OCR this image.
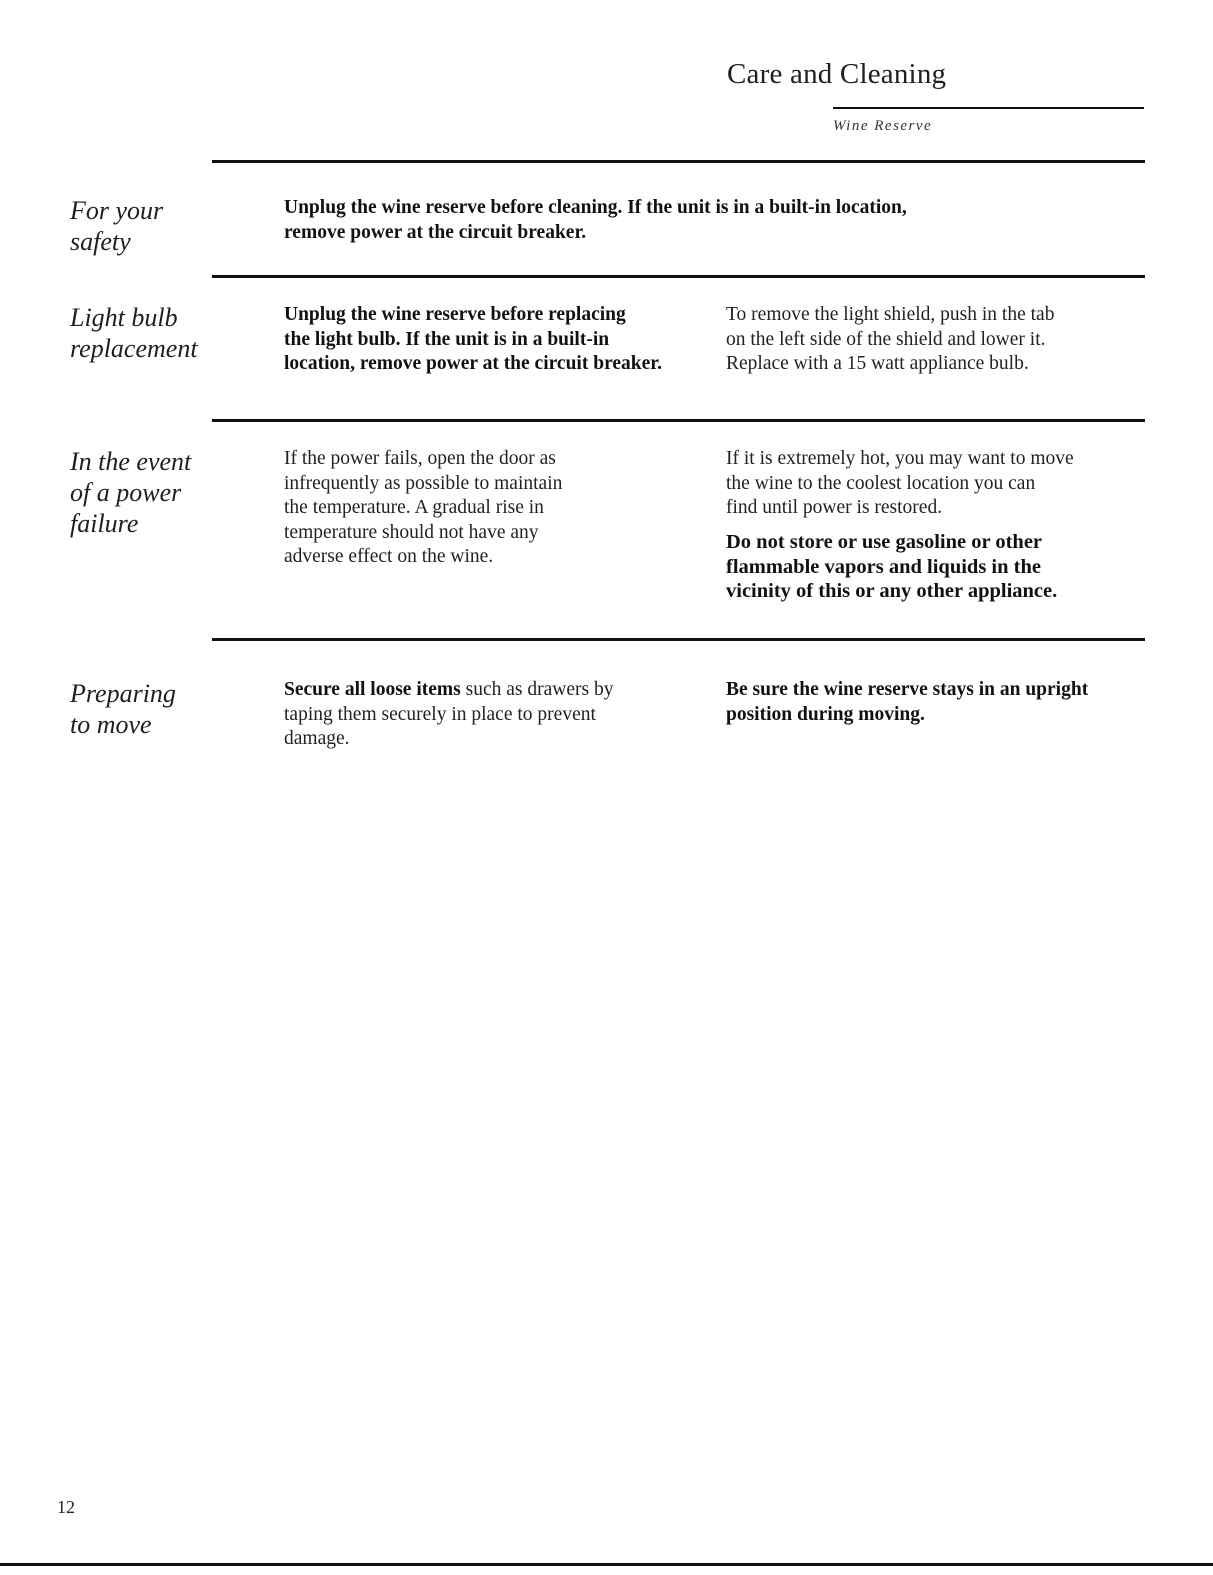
Care and Cleaning
Wine Reserve
For your
safety
Unplug the wine reserve before cleaning. If the unit is in a built-in location,
remove power at the circuit breaker.
Light bulb
replacement
Unplug the wine reserve before replacing
the light bulb. If the unit is in a built-in
location, remove power at the circuit breaker.
To remove the light shield, push in the tab
on the left side of the shield and lower it.
Replace with a 15 watt appliance bulb.
In the event
of a power
failure
If the power fails, open the door as
infrequently as possible to maintain
the temperature. A gradual rise in
temperature should not have any
adverse effect on the wine.
If it is extremely hot, you may want to move
the wine to the coolest location you can
find until power is restored.
Do not store or use gasoline or other
flammable vapors and liquids in the
vicinity of this or any other appliance.
Preparing
to move
Secure all loose items such as drawers by
taping them securely in place to prevent
damage.
Be sure the wine reserve stays in an upright
position during moving.
12
